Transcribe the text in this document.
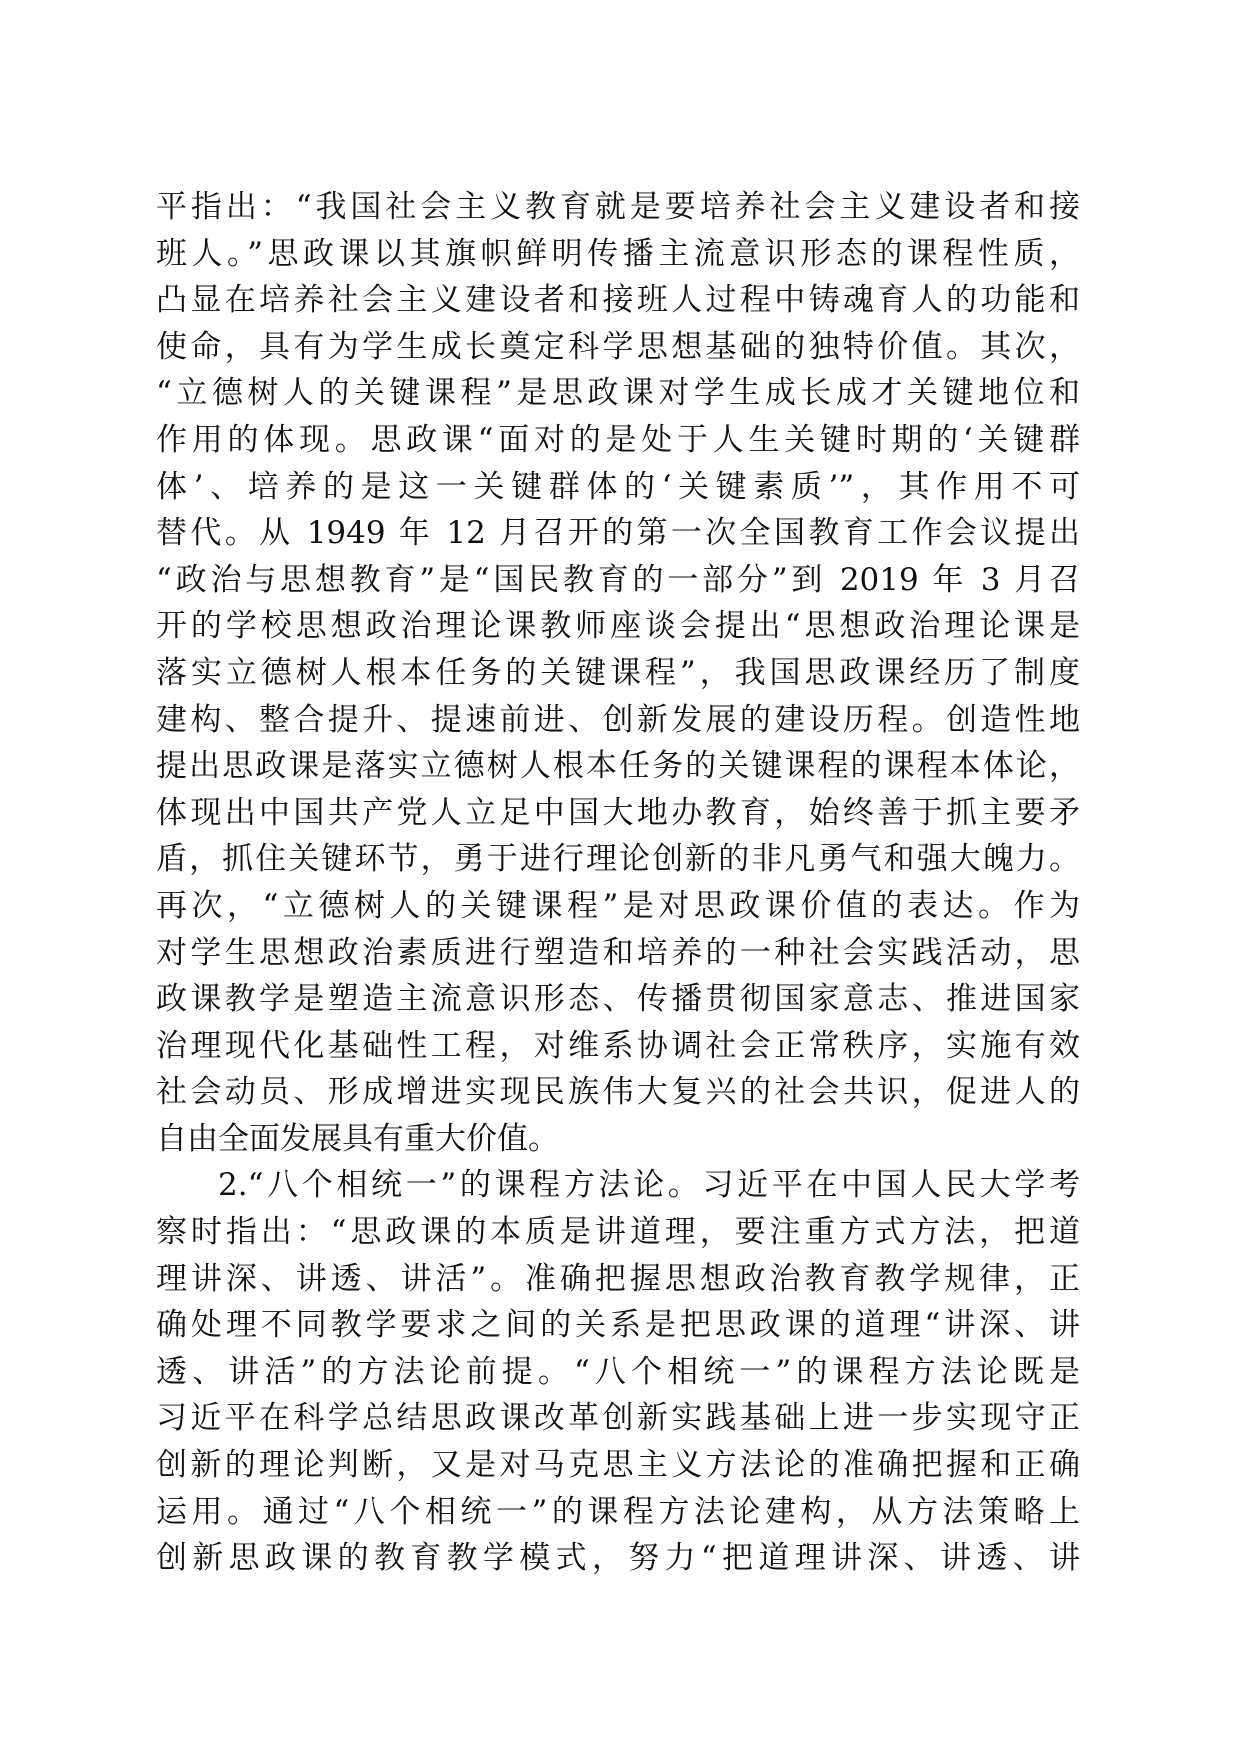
平指出：“我国社会主义教育就是要培养社会主义建设者和接
班人。”思政课以其旗帜鲜明传播主流意识形态的课程性质，
凸显在培养社会主义建设者和接班人过程中铸魂育人的功能和
使命，具有为学生成长奠定科学思想基础的独特价值。其次，
“立德树人的关键课程”是思政课对学生成长成才关键地位和
作用的体现。思政课“面对的是处于人生关键时期的‘关键群
体’、培养的是这一关键群体的‘关键素质’”，其作用不可
替代。从 1949 年 12 月召开的第一次全国教育工作会议提出
“政治与思想教育”是“国民教育的一部分”到 2019 年 3 月召
开的学校思想政治理论课教师座谈会提出“思想政治理论课是
落实立德树人根本任务的关键课程”，我国思政课经历了制度
建构、整合提升、提速前进、创新发展的建设历程。创造性地
提出思政课是落实立德树人根本任务的关键课程的课程本体论，
体现出中国共产党人立足中国大地办教育，始终善于抓主要矛
盾，抓住关键环节，勇于进行理论创新的非凡勇气和强大魄力。
再次，“立德树人的关键课程”是对思政课价值的表达。作为
对学生思想政治素质进行塑造和培养的一种社会实践活动，思
政课教学是塑造主流意识形态、传播贯彻国家意志、推进国家
治理现代化基础性工程，对维系协调社会正常秩序，实施有效
社会动员、形成增进实现民族伟大复兴的社会共识，促进人的
自由全面发展具有重大价值。
2.“八个相统一”的课程方法论。习近平在中国人民大学考
察时指出：“思政课的本质是讲道理，要注重方式方法，把道
理讲深、讲透、讲活”。准确把握思想政治教育教学规律，正
确处理不同教学要求之间的关系是把思政课的道理“讲深、讲
透、讲活”的方法论前提。“八个相统一”的课程方法论既是
习近平在科学总结思政课改革创新实践基础上进一步实现守正
创新的理论判断，又是对马克思主义方法论的准确把握和正确
运用。通过“八个相统一”的课程方法论建构，从方法策略上
创新思政课的教育教学模式，努力“把道理讲深、讲透、讲
